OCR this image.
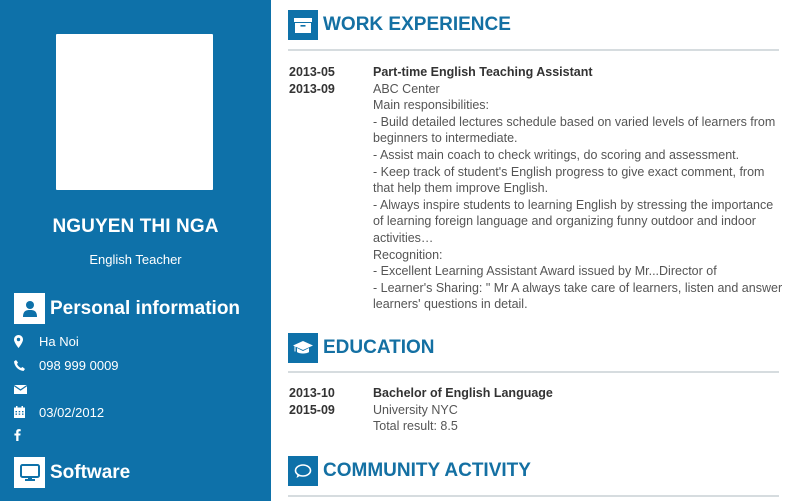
NGUYEN THI NGA
English Teacher
Personal information
Ha Noi
098 999 0009
03/02/2012
Software
WORK EXPERIENCE
2013-05
2013-09
Part-time English Teaching Assistant
ABC Center
Main responsibilities:
- Build detailed lectures schedule based on varied levels of learners from beginners to intermediate.
- Assist main coach to check writings, do scoring and assessment.
- Keep track of student's English progress to give exact comment, from that help them improve English.
- Always inspire students to learning English by stressing the importance of learning foreign language and organizing funny outdoor and indoor activities…
Recognition:
- Excellent Learning Assistant Award issued by Mr...Director of
- Learner's Sharing: " Mr A always take care of learners, listen and answer learners' questions in detail.
EDUCATION
2013-10
2015-09
Bachelor of English Language
University NYC
Total result: 8.5
COMMUNITY ACTIVITY
